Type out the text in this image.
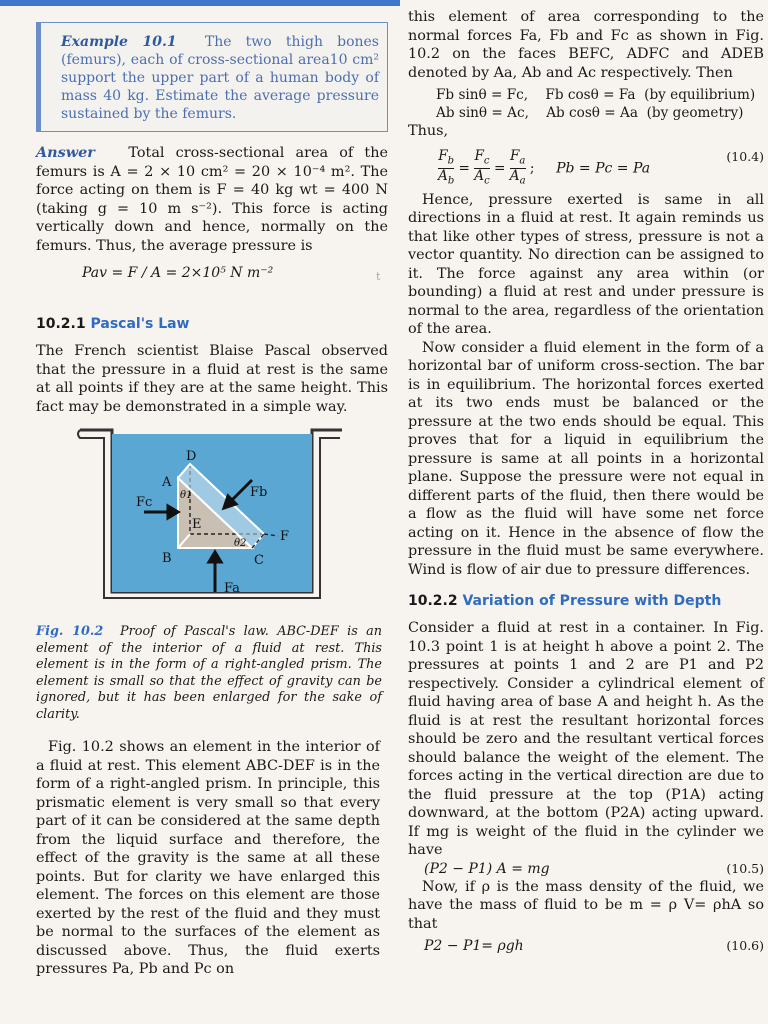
Example 10.1 The two thigh bones (femurs), each of cross-sectional area10 cm² support the upper part of a human body of mass 40 kg. Estimate the average pressure sustained by the femurs.

Answer Total cross-sectional area of the femurs is A = 2 × 10 cm² = 20 × 10⁻⁴ m². The force acting on them is F = 40 kg wt = 400 N (taking g = 10 m s⁻²). This force is acting vertically down and hence, normally on the femurs. Thus, the average pressure is

Pav = F / A = 2×10⁵ N m⁻²	t

10.2.1 Pascal's Law

The French scientist Blaise Pascal observed that the pressure in a fluid at rest is the same at all points if they are at the same height. This fact may be demonstrated in a simple way.

D
A
B	C
E
F
Fc
Fb
Fa
θ1
θ2

Fig. 10.2 Proof of Pascal's law. ABC-DEF is an element of the interior of a fluid at rest. This element is in the form of a right-angled prism. The element is small so that the effect of gravity can be ignored, but it has been enlarged for the sake of clarity.

Fig. 10.2 shows an element in the interior of a fluid at rest. This element ABC-DEF is in the form of a right-angled prism. In principle, this prismatic element is very small so that every part of it can be considered at the same depth from the liquid surface and therefore, the effect of the gravity is the same at all these points. But for clarity we have enlarged this element. The forces on this element are those exerted by the rest of the fluid and they must be normal to the surfaces of the element as discussed above. Thus, the fluid exerts pressures Pa, Pb and Pc on

this element of area corresponding to the normal forces Fa, Fb and Fc as shown in Fig. 10.2 on the faces BEFC, ADFC and ADEB denoted by Aa, Ab and Ac respectively. Then

Fb sinθ = Fc, Fb cosθ = Fa (by equilibrium)
Ab sinθ = Ac, Ab cosθ = Aa (by geometry)

Thus,

$\frac{F_b}{A_b} = \frac{F_c}{A_c} = \frac{F_a}{A_a}$ ;     Pb = Pc = Pa
(10.4)

Hence, pressure exerted is same in all directions in a fluid at rest. It again reminds us that like other types of stress, pressure is not a vector quantity. No direction can be assigned to it. The force against any area within (or bounding) a fluid at rest and under pressure is normal to the area, regardless of the orientation of the area.

Now consider a fluid element in the form of a horizontal bar of uniform cross-section. The bar is in equilibrium. The horizontal forces exerted at its two ends must be balanced or the pressure at the two ends should be equal. This proves that for a liquid in equilibrium the pressure is same at all points in a horizontal plane. Suppose the pressure were not equal in different parts of the fluid, then there would be a flow as the fluid will have some net force acting on it. Hence in the absence of flow the pressure in the fluid must be same everywhere. Wind is flow of air due to pressure differences.

10.2.2 Variation of Pressure with Depth

Consider a fluid at rest in a container. In Fig. 10.3 point 1 is at height h above a point 2. The pressures at points 1 and 2 are P1 and P2 respectively. Consider a cylindrical element of fluid having area of base A and height h. As the fluid is at rest the resultant horizontal forces should be zero and the resultant vertical forces should balance the weight of the element. The forces acting in the vertical direction are due to the fluid pressure at the top (P1A) acting downward, at the bottom (P2A) acting upward. If mg is weight of the fluid in the cylinder we have

(P2 − P1) A = mg	(10.5)

Now, if ρ is the mass density of the fluid, we have the mass of fluid to be m = ρ V= ρhA so that

P2 − P1= ρgh	(10.6)
